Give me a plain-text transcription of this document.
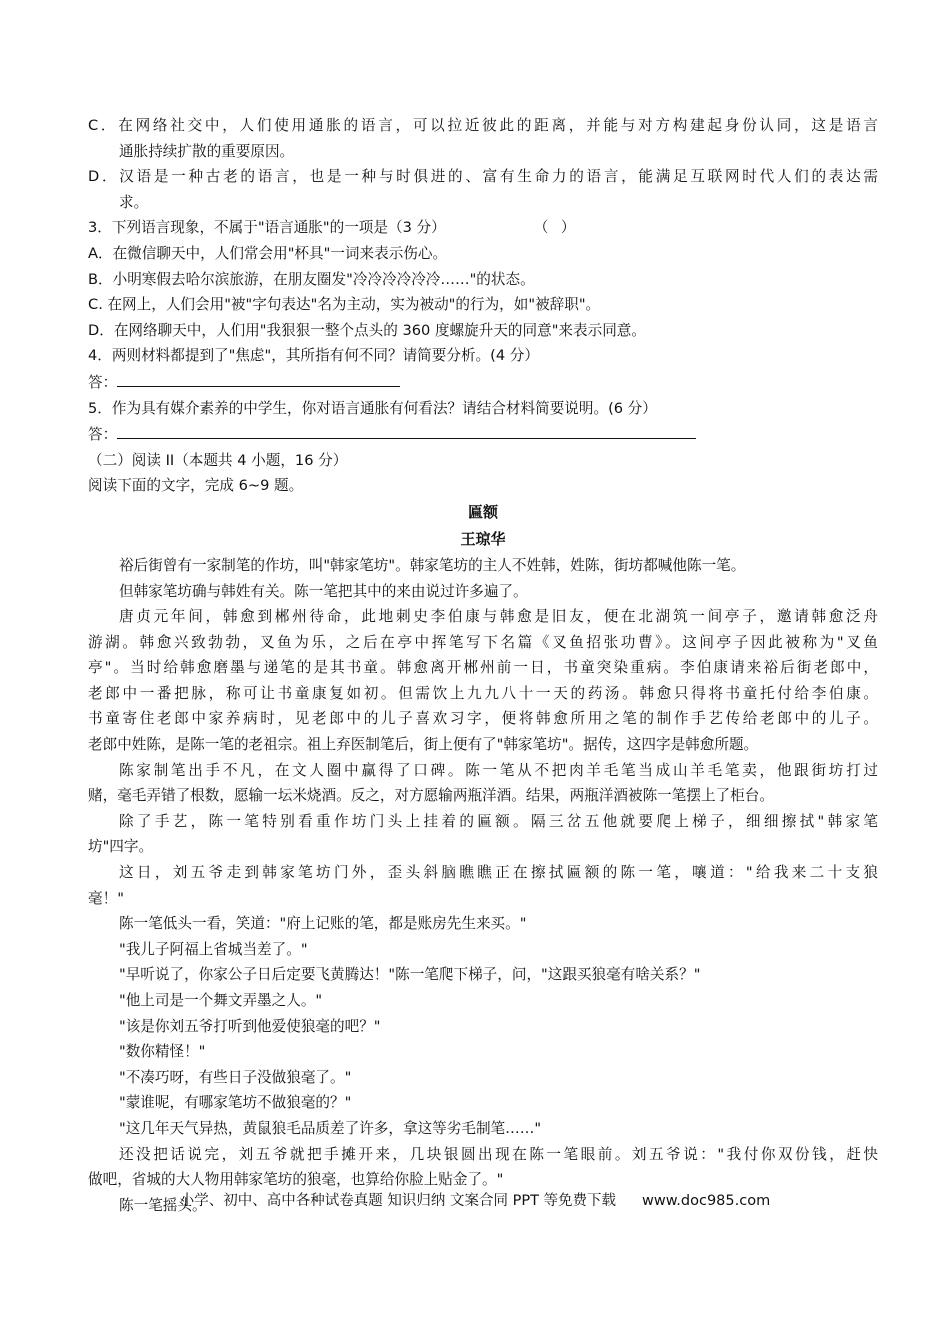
C．在网络社交中，人们使用通胀的语言，可以拉近彼此的距离，并能与对方构建起身份认同，这是语言
通胀持续扩散的重要原因。
D．汉语是一种古老的语言，也是一种与时俱进的、富有生命力的语言，能满足互联网时代人们的表达需
求。
3．下列语言现象，不属于"语言通胀"的一项是（3 分）	（ ）
A．在微信聊天中，人们常会用"杯具"一词来表示伤心。
B．小明寒假去哈尔滨旅游，在朋友圈发"冷冷冷冷冷冷……"的状态。
C. 在网上，人们会用"被"字句表达"名为主动，实为被动"的行为，如"被辞职"。
D．在网络聊天中，人们用"我狠狠一整个点头的 360 度螺旋升天的同意"来表示同意。
4．两则材料都提到了"焦虑"，其所指有何不同？请简要分析。(4 分）
答：
5．作为具有媒介素养的中学生，你对语言通胀有何看法？请结合材料简要说明。(6 分）
答：
（二）阅读 II（本题共 4 小题，16 分）
阅读下面的文字，完成 6~9 题。
匾额
王琼华
裕后街曾有一家制笔的作坊，叫"韩家笔坊"。韩家笔坊的主人不姓韩，姓陈，街坊都喊他陈一笔。
但韩家笔坊确与韩姓有关。陈一笔把其中的来由说过许多遍了。
唐贞元年间，韩愈到郴州待命，此地刺史李伯康与韩愈是旧友，便在北湖筑一间亭子，邀请韩愈泛舟
游湖。韩愈兴致勃勃，叉鱼为乐，之后在亭中挥笔写下名篇《叉鱼招张功曹》。这间亭子因此被称为"叉鱼
亭"。当时给韩愈磨墨与递笔的是其书童。韩愈离开郴州前一日，书童突染重病。李伯康请来裕后街老郎中，
老郎中一番把脉，称可让书童康复如初。但需饮上九九八十一天的药汤。韩愈只得将书童托付给李伯康。
书童寄住老郎中家养病时，见老郎中的儿子喜欢习字，便将韩愈所用之笔的制作手艺传给老郎中的儿子。
老郎中姓陈，是陈一笔的老祖宗。祖上弃医制笔后，街上便有了"韩家笔坊"。据传，这四字是韩愈所题。
陈家制笔出手不凡，在文人圈中赢得了口碑。陈一笔从不把肉羊毛笔当成山羊毛笔卖，他跟街坊打过
赌，毫毛弄错了根数，愿输一坛米烧酒。反之，对方愿输两瓶洋酒。结果，两瓶洋酒被陈一笔摆上了柜台。
除了手艺，陈一笔特别看重作坊门头上挂着的匾额。隔三岔五他就要爬上梯子，细细擦拭"韩家笔
坊"四字。
这日，刘五爷走到韩家笔坊门外，歪头斜脑瞧瞧正在擦拭匾额的陈一笔，嚷道："给我来二十支狼
毫！"
陈一笔低头一看，笑道："府上记账的笔，都是账房先生来买。"
"我儿子阿福上省城当差了。"
"早听说了，你家公子日后定要飞黄腾达！"陈一笔爬下梯子，问，"这跟买狼毫有啥关系？"
"他上司是一个舞文弄墨之人。"
"该是你刘五爷打听到他爱使狼毫的吧？"
"数你精怪！"
"不凑巧呀，有些日子没做狼毫了。"
"蒙谁呢，有哪家笔坊不做狼毫的？"
"这几年天气异热，黄鼠狼毛品质差了许多，拿这等劣毛制笔……"
还没把话说完，刘五爷就把手摊开来，几块银圆出现在陈一笔眼前。刘五爷说："我付你双份钱，赶快
做吧，省城的大人物用韩家笔坊的狼毫，也算给你脸上贴金了。"
陈一笔摇头。
小学、初中、高中各种试卷真题 知识归纳 文案合同 PPT 等免费下载 www.doc985.com
